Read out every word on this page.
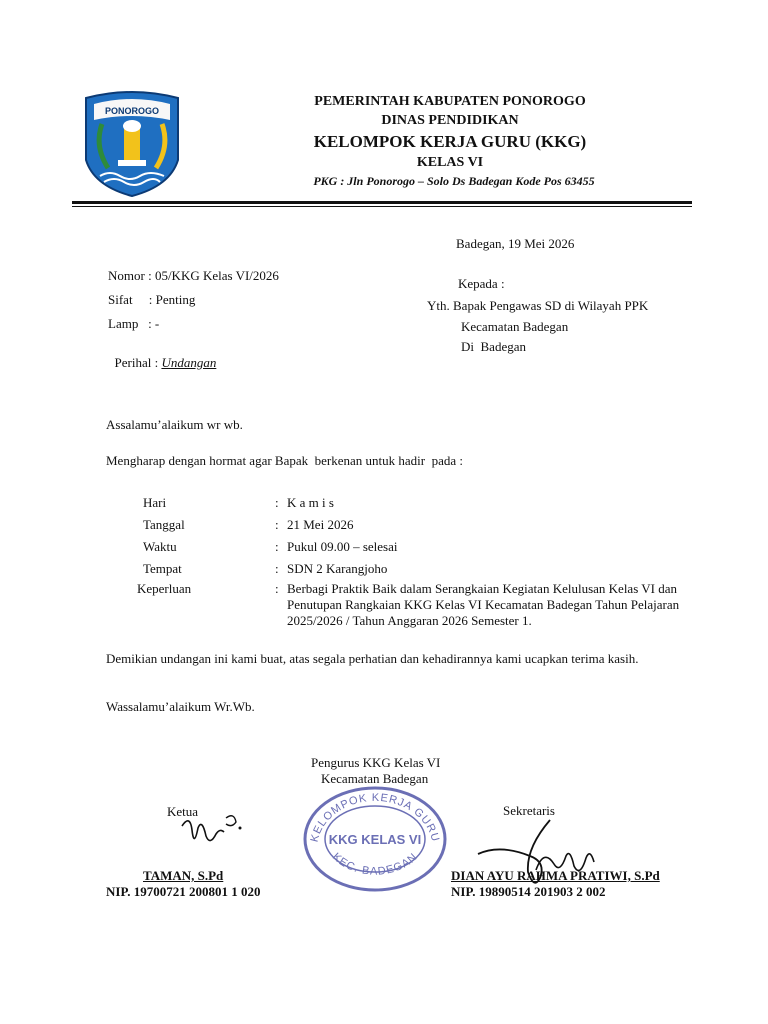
PONOROGO
PEMERINTAH KABUPATEN PONOROGO
DINAS PENDIDIKAN
KELOMPOK KERJA GURU (KKG)
KELAS VI
PKG : Jln Ponorogo – Solo Ds Badegan Kode Pos 63455
Badegan, 19 Mei 2026
Nomor : 05/KKG Kelas VI/2026
Sifat     : Penting
Lamp   : -

Perihal : Undangan

Kepada :
Yth. Bapak Pengawas SD di Wilayah PPK
Kecamatan Badegan
Di  Badegan
Assalamu’alaikum wr wb.
Mengharap dengan hormat agar Bapak  berkenan untuk hadir  pada :
Hari	: K a m i s
Tanggal	: 21 Mei 2026
Waktu	: Pukul 09.00 – selesai
Tempat	: SDN 2 Karangjoho
Keperluan	: Berbagi Praktik Baik dalam Serangkaian Kegiatan Kelulusan Kelas VI dan Penutupan Rangkaian KKG Kelas VI Kecamatan Badegan Tahun Pelajaran 2025/2026 / Tahun Anggaran 2026 Semester 1.
Demikian undangan ini kami buat, atas segala perhatian dan kehadirannya kami ucapkan terima kasih.
Wassalamu’alaikum Wr.Wb.
Pengurus KKG Kelas VI
Kecamatan Badegan
Ketua	Sekretaris
KELOMPOK KERJA GURU
KKG KELAS VI
KEC. BADEGAN
TAMAN, S.Pd
NIP. 19700721 200801 1 020
DIAN AYU RAHMA PRATIWI, S.Pd
NIP. 19890514 201903 2 002
